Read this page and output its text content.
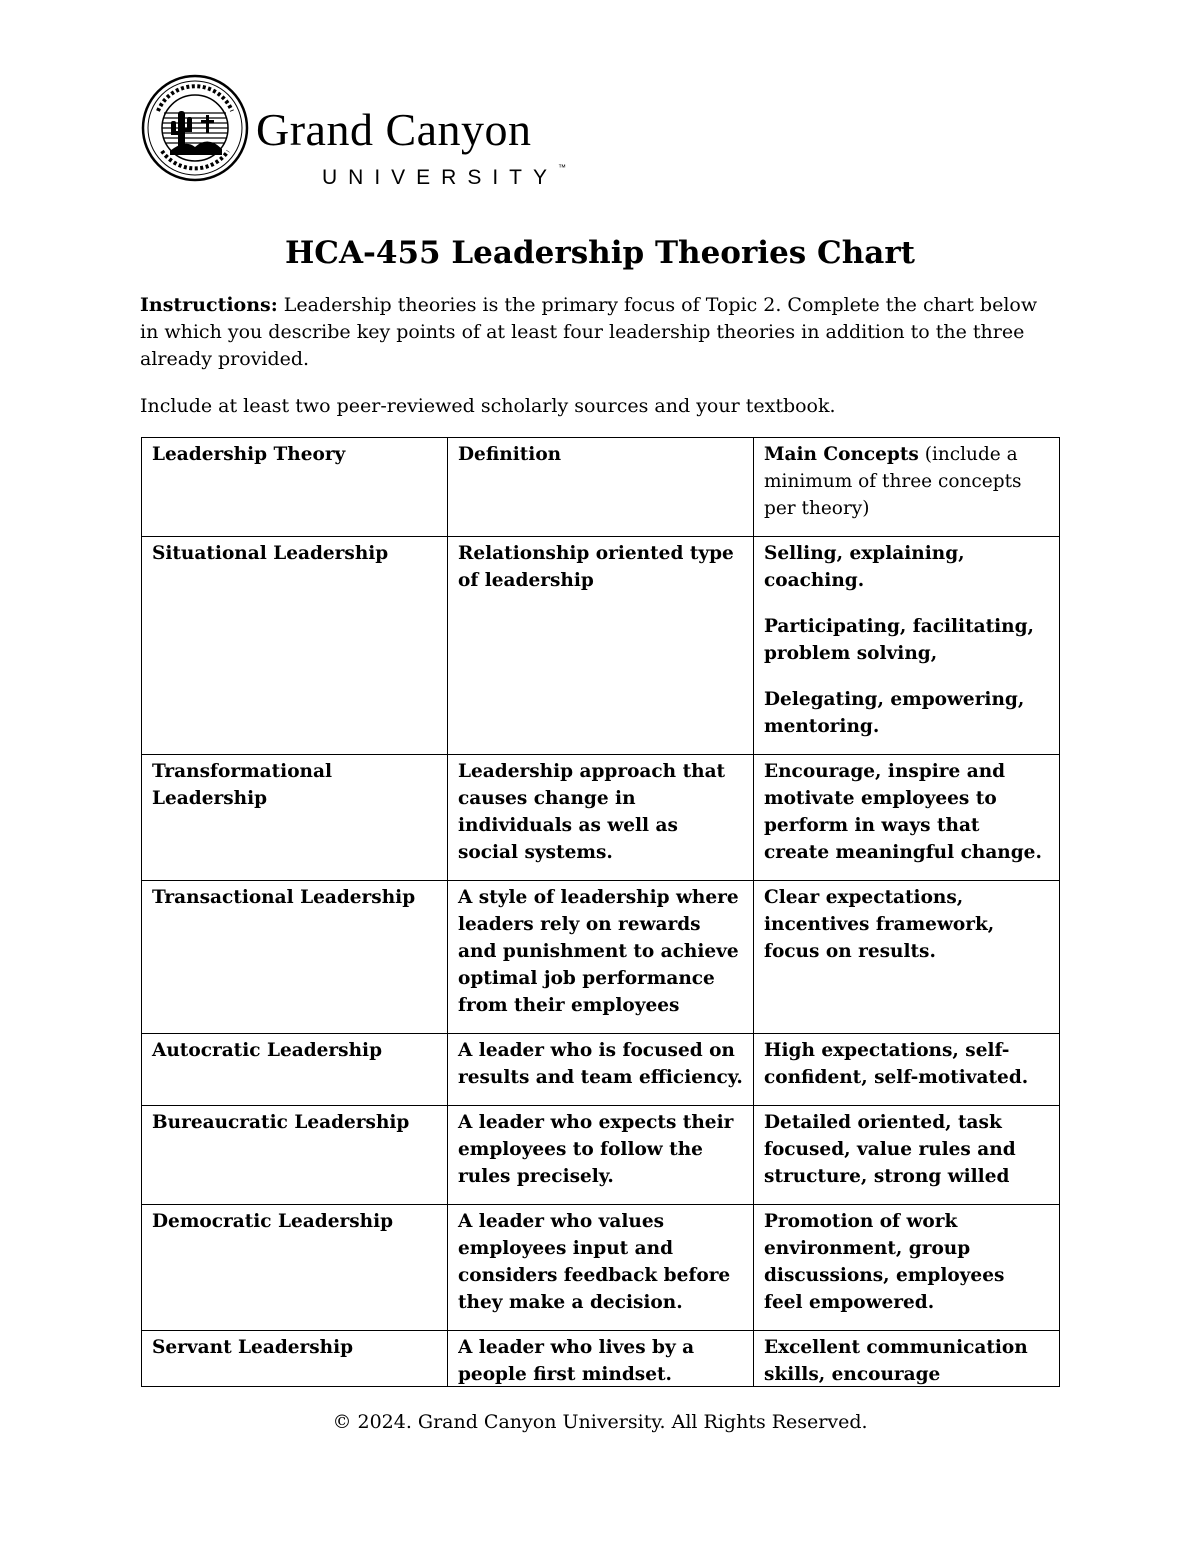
Grand Canyon
UNIVERSITY™
HCA-455 Leadership Theories Chart
Instructions: Leadership theories is the primary focus of Topic 2. Complete the chart below in which you describe key points of at least four leadership theories in addition to the three already provided.
Include at least two peer-reviewed scholarly sources and your textbook.
Leadership Theory	Definition	Main Concepts (include a minimum of three concepts per theory)
Situational Leadership	Relationship oriented type of leadership	Selling, explaining, coaching.

Participating, facilitating, problem solving,

Delegating, empowering, mentoring.

Transformational Leadership	Leadership approach that causes change in individuals as well as social systems.	Encourage, inspire and motivate employees to perform in ways that create meaningful change.
Transactional Leadership	A style of leadership where leaders rely on rewards and punishment to achieve optimal job performance from their employees	Clear expectations, incentives framework, focus on results.
Autocratic Leadership	A leader who is focused on results and team efficiency.	High expectations, self-confident, self-motivated.
Bureaucratic Leadership	A leader who expects their employees to follow the rules precisely.	Detailed oriented, task focused, value rules and structure, strong willed
Democratic Leadership	A leader who values employees input and considers feedback before they make a decision.	Promotion of work environment, group discussions, employees feel empowered.

Servant Leadership	A leader who lives by a people first mindset.	Excellent communication skills, encourage
© 2024. Grand Canyon University. All Rights Reserved.
